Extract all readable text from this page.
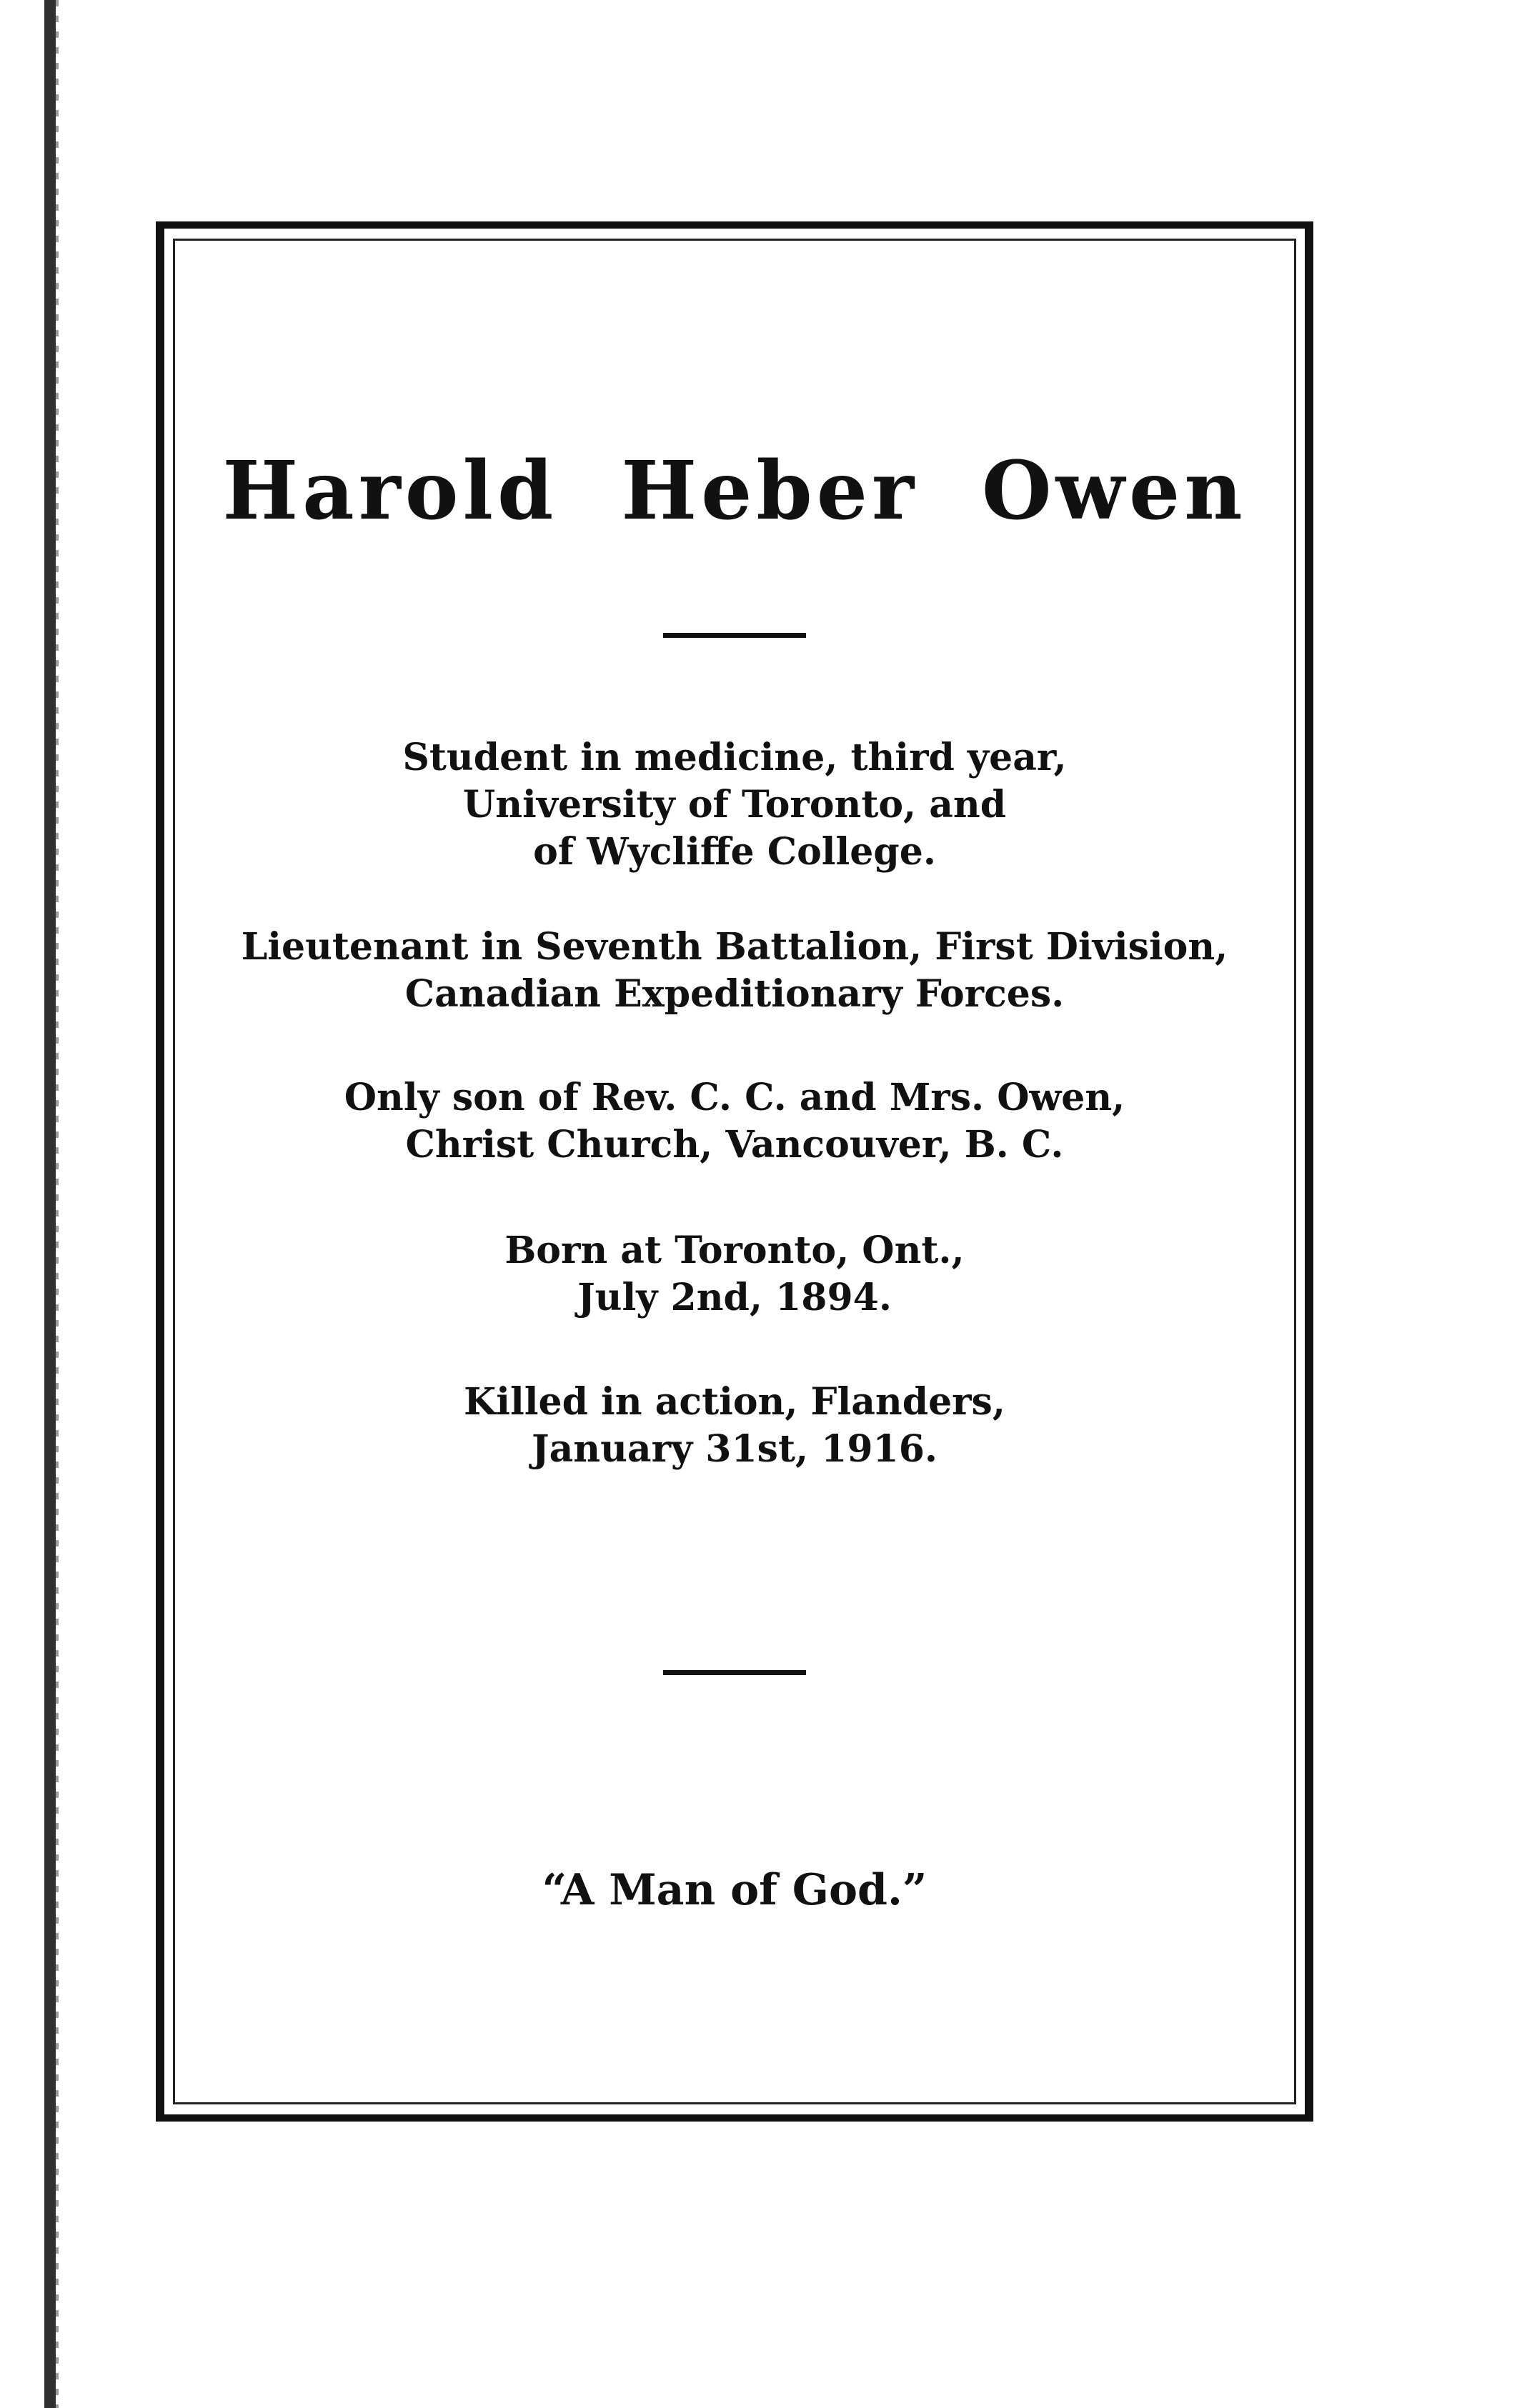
Harold Heber Owen
Student in medicine, third year,
University of Toronto, and
of Wycliffe College.
Lieutenant in Seventh Battalion, First Division,
Canadian Expeditionary Forces.
Only son of Rev. C. C. and Mrs. Owen,
Christ Church, Vancouver, B. C.
Born at Toronto, Ont.,
July 2nd, 1894.
Killed in action, Flanders,
January 31st, 1916.
“A Man of God.”
